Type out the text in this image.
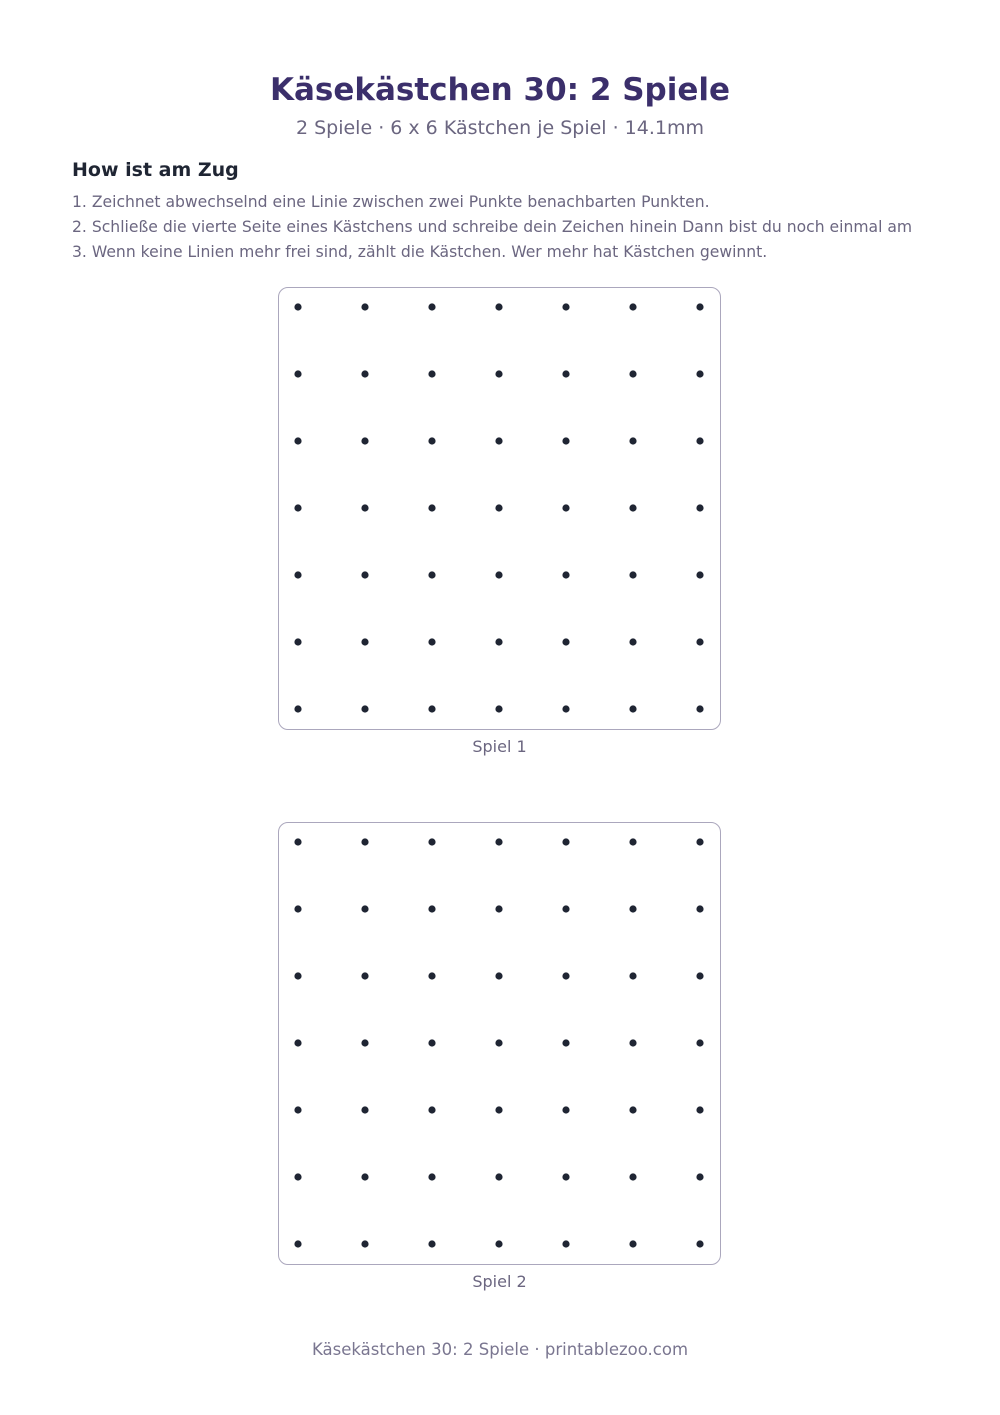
Käsekästchen 30: 2 Spiele
2 Spiele · 6 x 6 Kästchen je Spiel · 14.1mm
How ist am Zug
1. Zeichnet abwechselnd eine Linie zwischen zwei Punkte benachbarten Punkten.
2. Schließe die vierte Seite eines Kästchens und schreibe dein Zeichen hinein Dann bist du noch einmal am
3. Wenn keine Linien mehr frei sind, zählt die Kästchen. Wer mehr hat Kästchen gewinnt.
Spiel 1
Spiel 2
Käsekästchen 30: 2 Spiele · printablezoo.com
